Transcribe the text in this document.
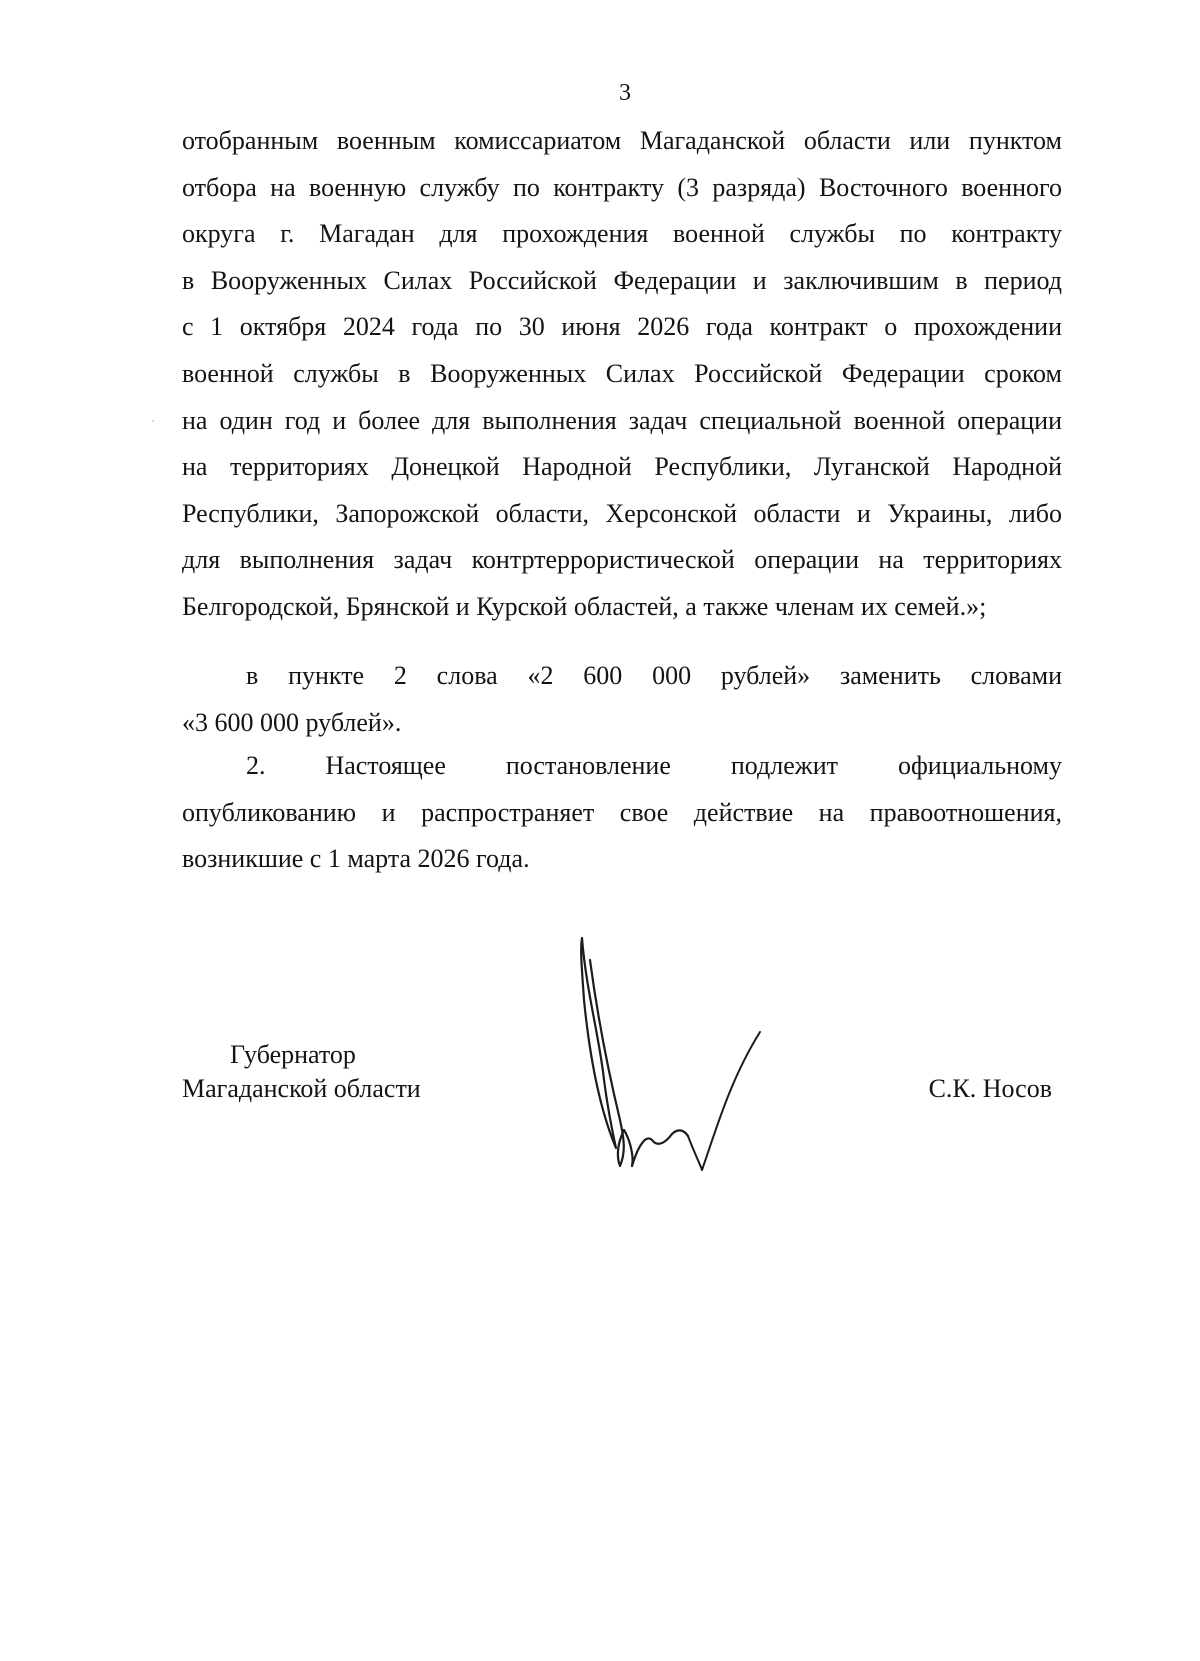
3
отобранным военным комиссариатом Магаданской области или пунктом
отбора на военную службу по контракту (3 разряда) Восточного военного
округа г. Магадан для прохождения военной службы по контракту
в Вооруженных Силах Российской Федерации и заключившим в период
с 1 октября 2024 года по 30 июня 2026 года контракт о прохождении
военной службы в Вооруженных Силах Российской Федерации сроком
на один год и более для выполнения задач специальной военной операции
на территориях Донецкой Народной Республики, Луганской Народной
Республики, Запорожской области, Херсонской области и Украины, либо
для выполнения задач контртеррористической операции на территориях
Белгородской, Брянской и Курской областей, а также членам их семей.»;
в пункте 2 слова «2 600 000 рублей» заменить словами
«3 600 000 рублей».
2. Настоящее постановление подлежит официальному
опубликованию и распространяет свое действие на правоотношения,
возникшие с 1 марта 2026 года.
Губернатор
Магаданской области	С.К. Носов
